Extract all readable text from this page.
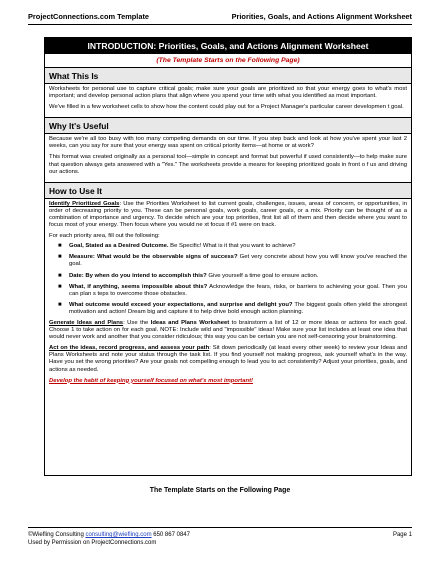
ProjectConnections.com Template	Priorities, Goals, and Actions Alignment Worksheet
INTRODUCTION: Priorities, Goals, and Actions Alignment Worksheet
(The Template Starts on the Following Page)
What This Is

Worksheets for personal use to capture critical goals; make sure your goals are prioritized so that your energy goes to what's most important; and develop personal action plans that align where you spend your time with what you identified as most important.

We've filled in a few worksheet cells to show how the content could play out for a Project Manager's particular career developmen t goal.

Why It's Useful

Because we're all too busy with too many competing demands on our time. If you step back and look at how you've spent your last 2 weeks, can you say for sure that your energy was spent on critical priority items—at home or at work?

This format was created originally as a personal tool—simple in concept and format but powerful if used consistently—to help make sure that question always gets answered with a "Yes." The worksheets provide a means for keeping prioritized goals in front o f us and driving our actions.

How to Use It

Identify Prioritized Goals: Use the Priorities Worksheet to list current goals, challenges, issues, areas of concern, or opportunities, in order of decreasing priority to you. These can be personal goals, work goals, career goals, or a mix. Priority can be thought of as a combination of importance and urgency. To decide which are your top priorities, first list all of them and then decide where you want to focus most of your energy. Then focus where you would ne xt focus if #1 were on track.

For each priority area, fill out the following:

■ Goal, Stated as a Desired Outcome. Be Specific! What is it that you want to achieve?
■ Measure: What would be the observable signs of success? Get very concrete about how you will know you've reached the goal.
■ Date: By when do you intend to accomplish this? Give yourself a time goal to ensure action.
■ What, if anything, seems impossible about this? Acknowledge the fears, risks, or barriers to achieving your goal. Then you can plan s teps to overcome those obstacles.
■ What outcome would exceed your expectations, and surprise and delight you? The biggest goals often yield the strongest motivation and action! Dream big and capture it to help drive bold enough action planning.

Generate Ideas and Plans: Use the Ideas and Plans Worksheet to brainstorm a list of 12 or more ideas or actions for each goal. Choose 1 to take action on for each goal. NOTE: Include wild and "impossible" ideas! Make sure your list includes at least one idea that would never work and another that you consider ridiculous; this way you can be certain you are not self-censoring your brainstorming.

Act on the ideas, record progress, and assess your path: Sit down periodically (at least every other week) to review your Ideas and Plans Worksheets and note your status through the task list. If you find yourself not making progress, ask yourself what's in the way. Have you set the wrong priorities? Are your goals not compelling enough to lead you to act consistently? Adjust your priorities, goals, and actions as needed.

Develop the habit of keeping yourself focused on what's most important!

The Template Starts on the Following Page
©Wiefling Consulting consulting@wiefling.com 650 867 0847
Used by Permission on ProjectConnections.com
Page 1
